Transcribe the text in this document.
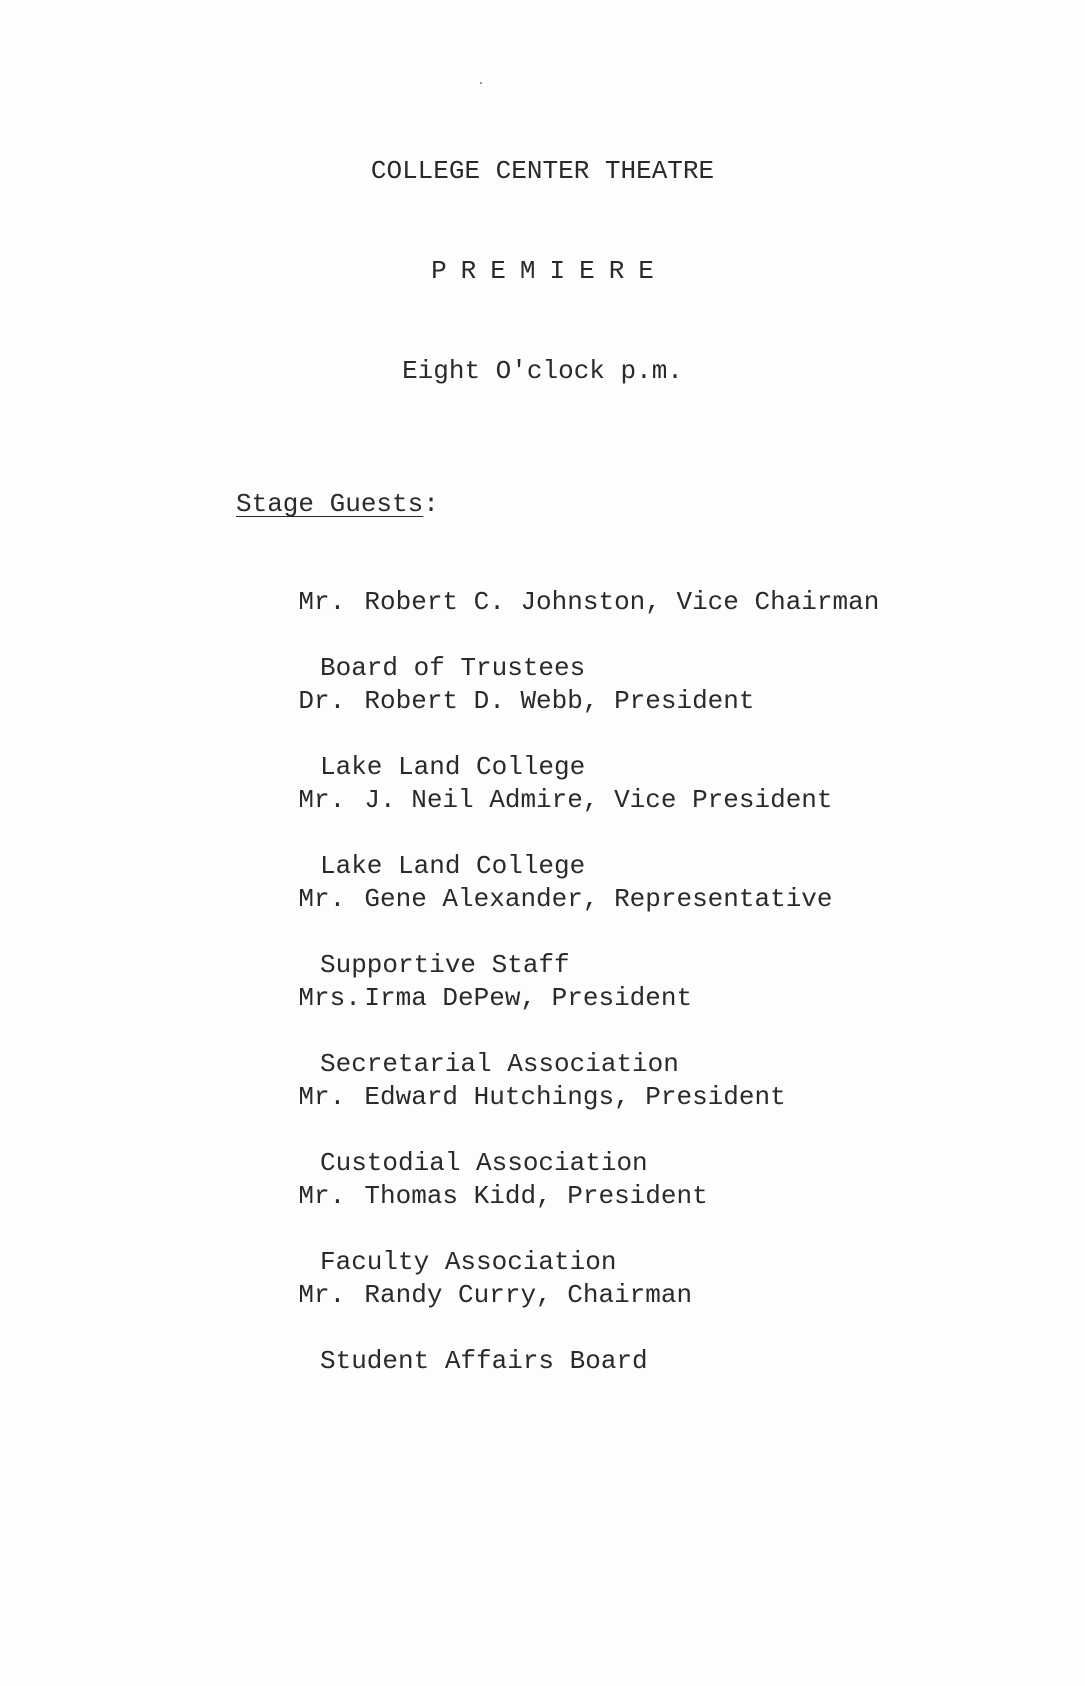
COLLEGE CENTER THEATRE

PREMIERE

Eight O'clock p.m.

Stage Guests:

Mr. Robert C. Johnston, Vice Chairman

Board of Trustees

Dr. Robert D. Webb, President

Lake Land College

Mr. J. Neil Admire, Vice President

Lake Land College

Mr. Gene Alexander, Representative

Supportive Staff

Mrs. Irma DePew, President

Secretarial Association

Mr. Edward Hutchings, President

Custodial Association

Mr. Thomas Kidd, President

Faculty Association

Mr. Randy Curry, Chairman

Student Affairs Board
